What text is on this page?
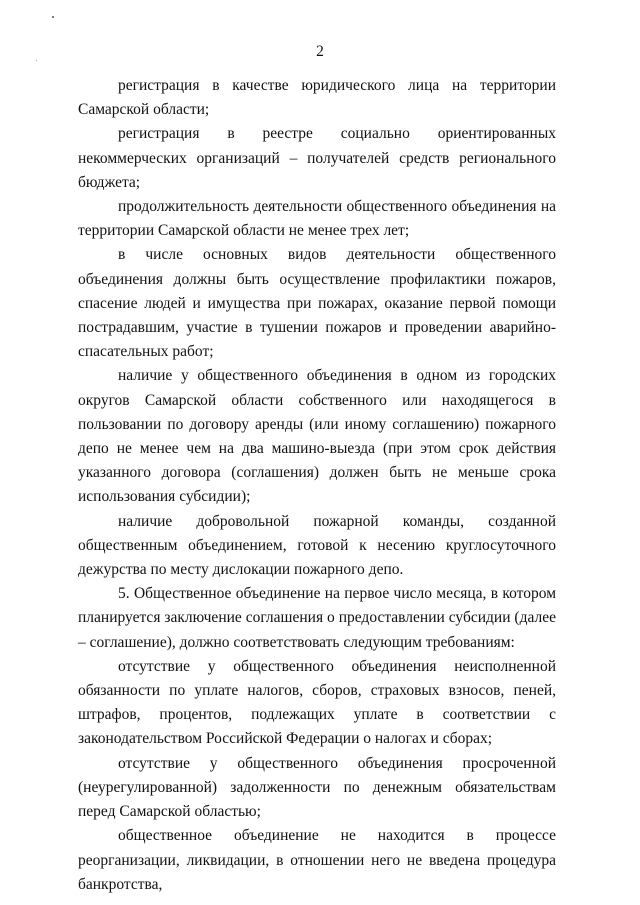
2

регистрация в качестве юридического лица на территории Самарской области;

регистрация в реестре социально ориентированных некоммерческих организаций – получателей средств регионального бюджета;

продолжительность деятельности общественного объединения на территории Самарской области не менее трех лет;

в числе основных видов деятельности общественного объединения должны быть осуществление профилактики пожаров, спасение людей и имущества при пожарах, оказание первой помощи пострадавшим, участие в тушении пожаров и проведении аварийно-спасательных работ;

наличие у общественного объединения в одном из городских округов Самарской области собственного или находящегося в пользовании по договору аренды (или иному соглашению) пожарного депо не менее чем на два машино-выезда (при этом срок действия указанного договора (соглашения) должен быть не меньше срока использования субсидии);

наличие добровольной пожарной команды, созданной общественным объединением, готовой к несению круглосуточного дежурства по месту дислокации пожарного депо.

5. Общественное объединение на первое число месяца, в котором планируется заключение соглашения о предоставлении субсидии (далее – соглашение), должно соответствовать следующим требованиям:

отсутствие у общественного объединения неисполненной обязанности по уплате налогов, сборов, страховых взносов, пеней, штрафов, процентов, подлежащих уплате в соответствии с законодательством Российской Федерации о налогах и сборах;

отсутствие у общественного объединения просроченной (неурегулированной) задолженности по денежным обязательствам перед Самарской областью;

общественное объединение не находится в процессе реорганизации, ликвидации, в отношении него не введена процедура банкротства,
